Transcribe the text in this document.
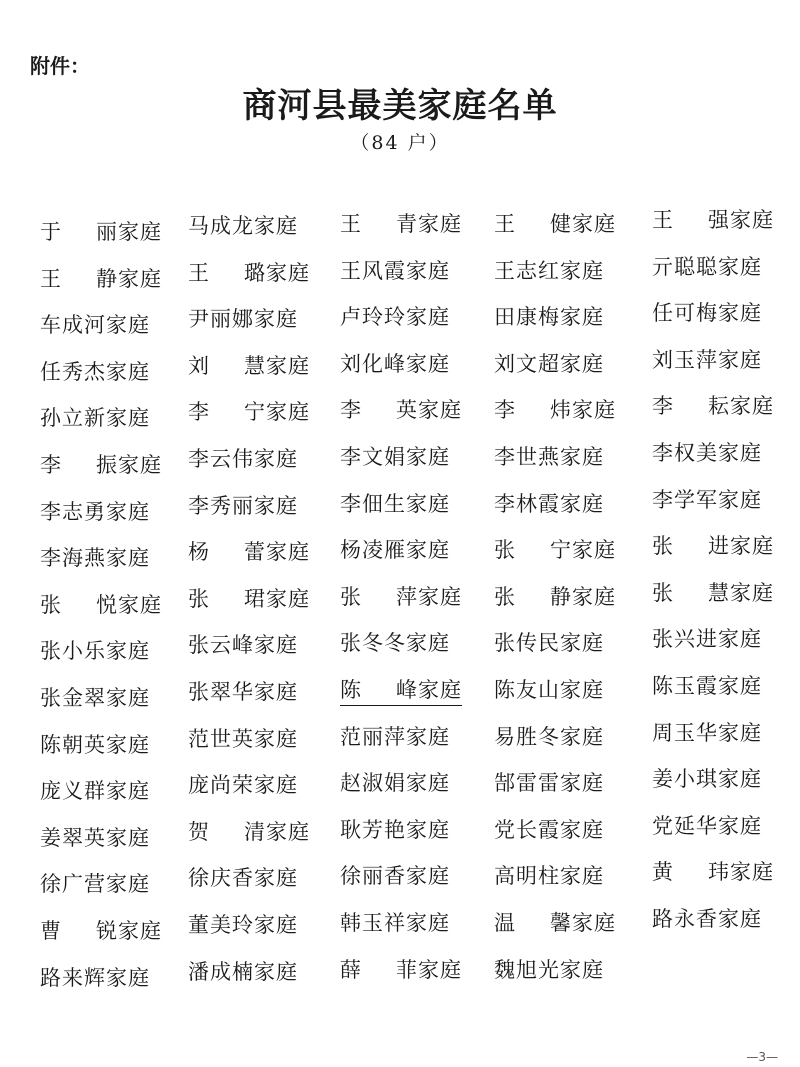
附件：
商河县最美家庭名单
（84 户）
于 丽家庭 马成龙家庭 王 青家庭 王 健家庭 王 强家庭
王 静家庭 王 璐家庭 王风霞家庭 王志红家庭 亓聪聪家庭
车成河家庭 尹丽娜家庭 卢玲玲家庭 田康梅家庭 任可梅家庭
任秀杰家庭 刘 慧家庭 刘化峰家庭 刘文超家庭 刘玉萍家庭
孙立新家庭 李 宁家庭 李 英家庭 李 炜家庭 李 耘家庭
李 振家庭 李云伟家庭 李文娟家庭 李世燕家庭 李权美家庭
李志勇家庭 李秀丽家庭 李佃生家庭 李林霞家庭 李学军家庭
李海燕家庭 杨 蕾家庭 杨凌雁家庭 张 宁家庭 张 进家庭
张 悦家庭 张 珺家庭 张 萍家庭 张 静家庭 张 慧家庭
张小乐家庭 张云峰家庭 张冬冬家庭 张传民家庭 张兴进家庭
张金翠家庭 张翠华家庭 陈 峰家庭 陈友山家庭 陈玉霞家庭
陈朝英家庭 范世英家庭 范丽萍家庭 易胜冬家庭 周玉华家庭
庞义群家庭 庞尚荣家庭 赵淑娟家庭 郜雷雷家庭 姜小琪家庭
姜翠英家庭 贺 清家庭 耿芳艳家庭 党长霞家庭 党延华家庭
徐广营家庭 徐庆香家庭 徐丽香家庭 高明柱家庭 黄 玮家庭
曹 锐家庭 董美玲家庭 韩玉祥家庭 温 馨家庭 路永香家庭
路来辉家庭 潘成楠家庭 薛 菲家庭 魏旭光家庭
—3—
